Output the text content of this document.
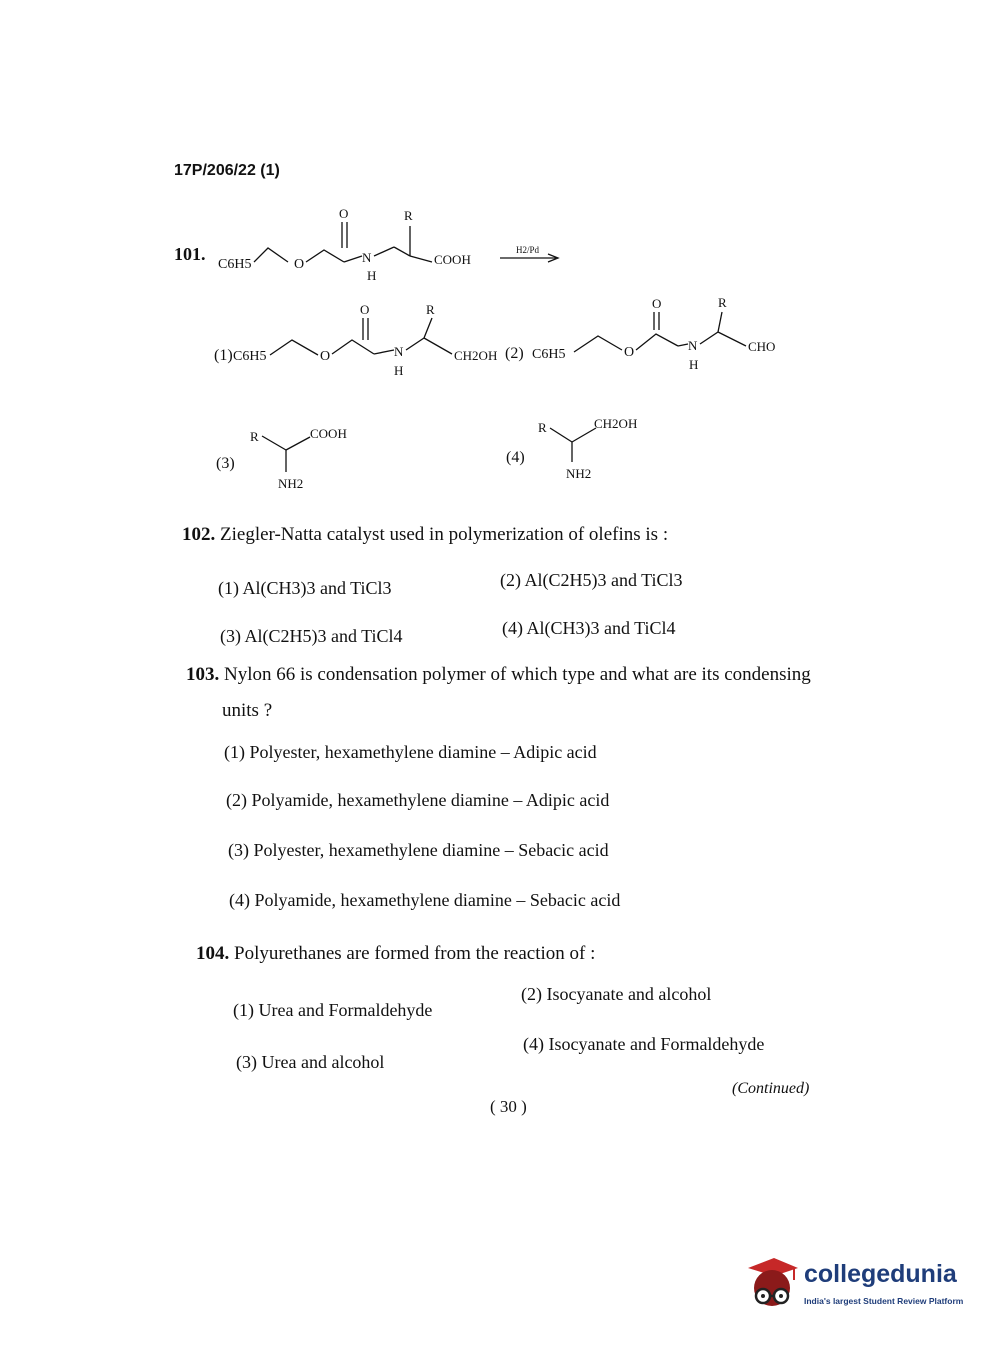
17P/206/22 (1)
101.
C6H5	O
O
N
H
R
COOH
H2/Pd
(1) C6H5	O
O
N
H
R
CH2OH (2) C6H5	O
O
N
H
R
CHO
(3)
R	COOH
NH2
(4)
R	CH2OH
NH2
102. Ziegler-Natta catalyst used in polymerization of olefins is :
(1) Al(CH3)3 and TiCl3	(2) Al(C2H5)3 and TiCl3
(3) Al(C2H5)3 and TiCl4	(4) Al(CH3)3 and TiCl4
103. Nylon 66 is condensation polymer of which type and what are its condensing
units ?
(1) Polyester, hexamethylene diamine – Adipic acid
(2) Polyamide, hexamethylene diamine – Adipic acid
(3) Polyester, hexamethylene diamine – Sebacic acid
(4) Polyamide, hexamethylene diamine – Sebacic acid
104. Polyurethanes are formed from the reaction of :
(1) Urea and Formaldehyde
(2) Isocyanate and alcohol
(3) Urea and alcohol
(4) Isocyanate and Formaldehyde
(Continued)
( 30 )
collegedunia
India's largest Student Review Platform
